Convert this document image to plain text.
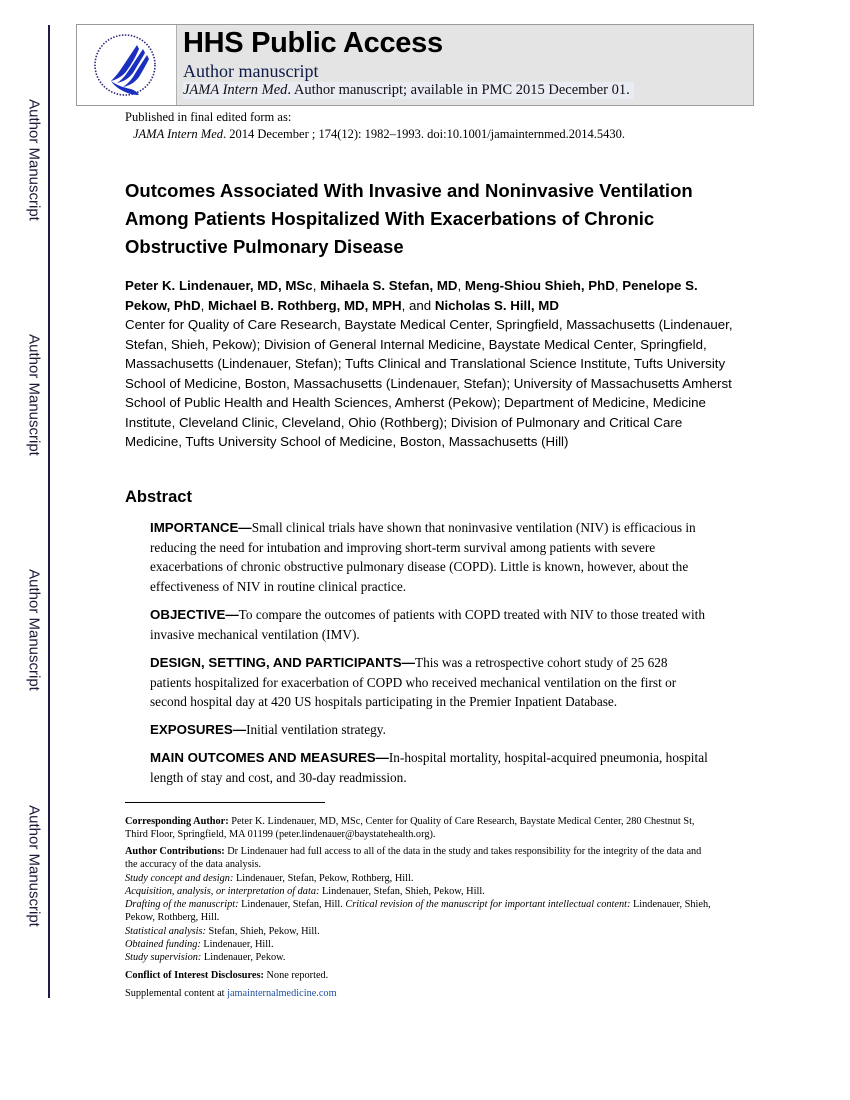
Author Manuscript
Author Manuscript
Author Manuscript
Author Manuscript
HHS Public Access
Author manuscript
JAMA Intern Med. Author manuscript; available in PMC 2015 December 01.
Published in final edited form as:
JAMA Intern Med. 2014 December ; 174(12): 1982–1993. doi:10.1001/jamainternmed.2014.5430.
Outcomes Associated With Invasive and Noninvasive Ventilation Among Patients Hospitalized With Exacerbations of Chronic Obstructive Pulmonary Disease
Peter K. Lindenauer, MD, MSc, Mihaela S. Stefan, MD, Meng-Shiou Shieh, PhD, Penelope S. Pekow, PhD, Michael B. Rothberg, MD, MPH, and Nicholas S. Hill, MD
Center for Quality of Care Research, Baystate Medical Center, Springfield, Massachusetts (Lindenauer, Stefan, Shieh, Pekow); Division of General Internal Medicine, Baystate Medical Center, Springfield, Massachusetts (Lindenauer, Stefan); Tufts Clinical and Translational Science Institute, Tufts University School of Medicine, Boston, Massachusetts (Lindenauer, Stefan); University of Massachusetts Amherst School of Public Health and Health Sciences, Amherst (Pekow); Department of Medicine, Medicine Institute, Cleveland Clinic, Cleveland, Ohio (Rothberg); Division of Pulmonary and Critical Care Medicine, Tufts University School of Medicine, Boston, Massachusetts (Hill)
Abstract
IMPORTANCE—Small clinical trials have shown that noninvasive ventilation (NIV) is efficacious in reducing the need for intubation and improving short-term survival among patients with severe exacerbations of chronic obstructive pulmonary disease (COPD). Little is known, however, about the effectiveness of NIV in routine clinical practice.
OBJECTIVE—To compare the outcomes of patients with COPD treated with NIV to those treated with invasive mechanical ventilation (IMV).
DESIGN, SETTING, AND PARTICIPANTS—This was a retrospective cohort study of 25 628 patients hospitalized for exacerbation of COPD who received mechanical ventilation on the first or second hospital day at 420 US hospitals participating in the Premier Inpatient Database.
EXPOSURES—Initial ventilation strategy.
MAIN OUTCOMES AND MEASURES—In-hospital mortality, hospital-acquired pneumonia, hospital length of stay and cost, and 30-day readmission.
Corresponding Author: Peter K. Lindenauer, MD, MSc, Center for Quality of Care Research, Baystate Medical Center, 280 Chestnut St, Third Floor, Springfield, MA 01199 (peter.lindenauer@baystatehealth.org).
Author Contributions: Dr Lindenauer had full access to all of the data in the study and takes responsibility for the integrity of the data and the accuracy of the data analysis.
Study concept and design: Lindenauer, Stefan, Pekow, Rothberg, Hill.
Acquisition, analysis, or interpretation of data: Lindenauer, Stefan, Shieh, Pekow, Hill.
Drafting of the manuscript: Lindenauer, Stefan, Hill. Critical revision of the manuscript for important intellectual content: Lindenauer, Shieh, Pekow, Rothberg, Hill.
Statistical analysis: Stefan, Shieh, Pekow, Hill.
Obtained funding: Lindenauer, Hill.
Study supervision: Lindenauer, Pekow.
Conflict of Interest Disclosures: None reported.
Supplemental content at jamainternalmedicine.com
